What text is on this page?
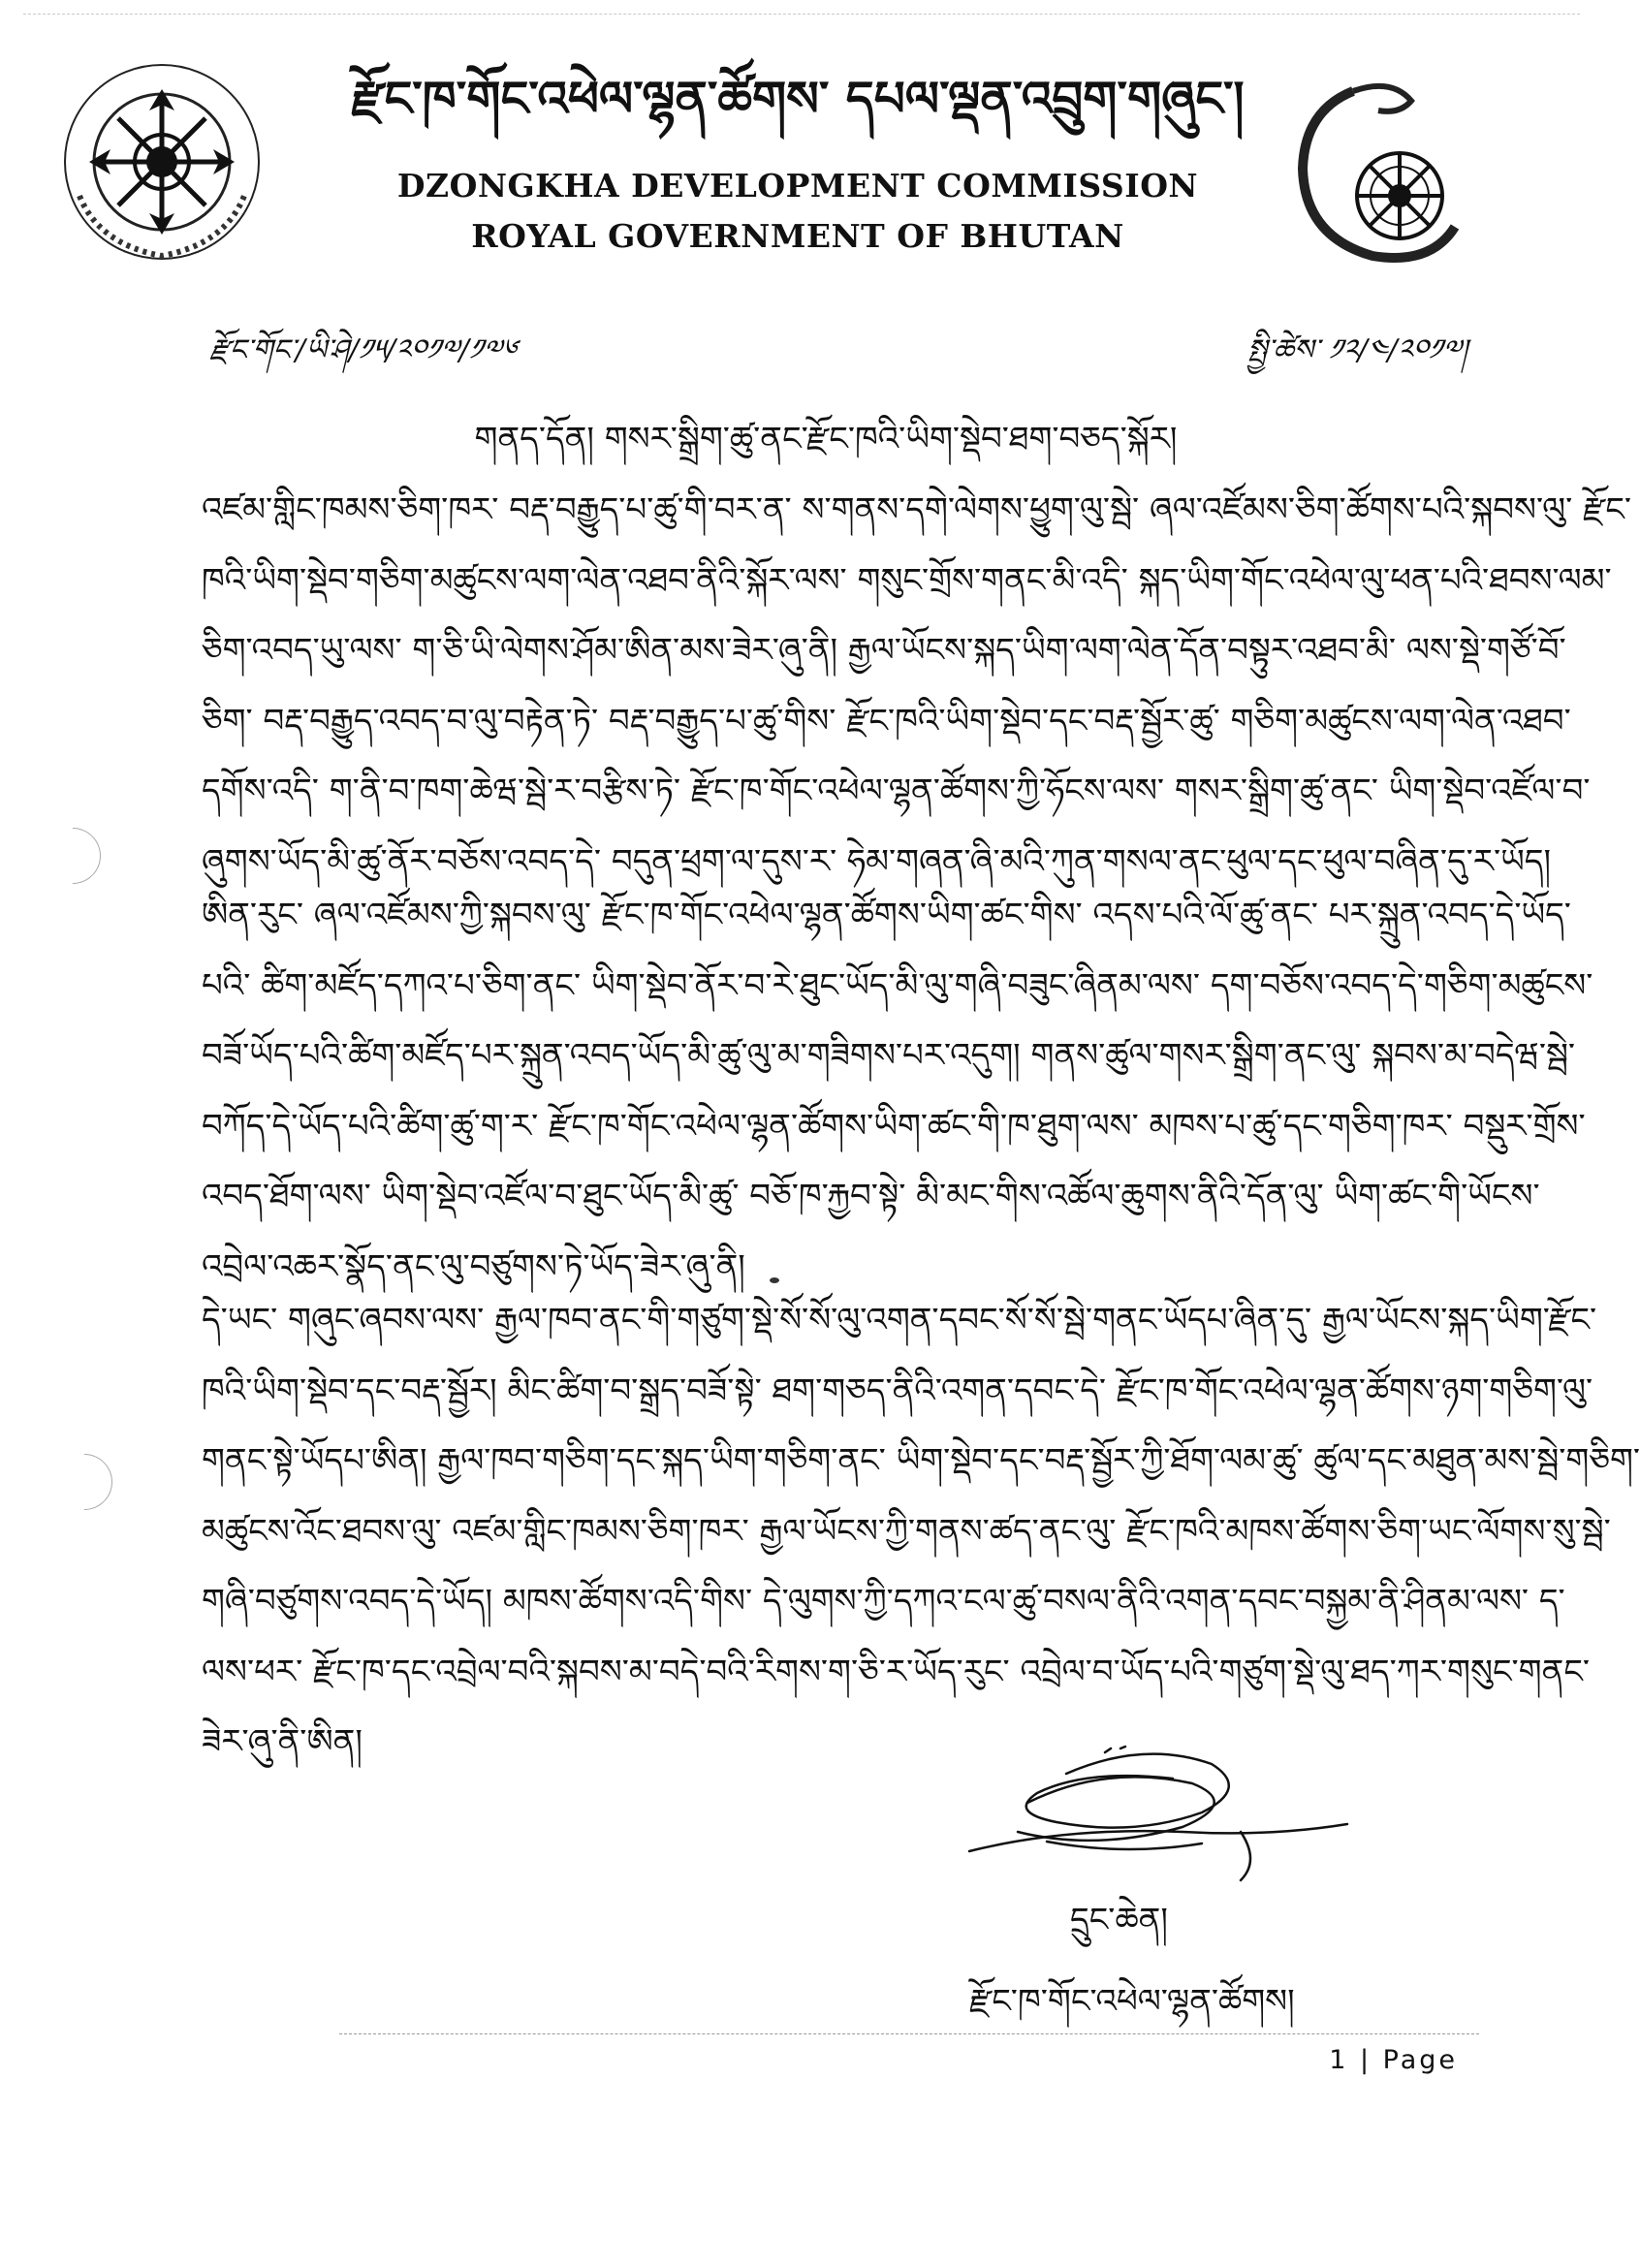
རྫོང་ཁ་གོང་འཕེལ་ལྷན་ཚོགས་ དཔལ་ལྡན་འབྲུག་གཞུང་།
DZONGKHA DEVELOPMENT COMMISSION
ROYAL GOVERNMENT OF BHUTAN
རྫོང་གོང་/ཡི་ཤེ/༡༥/༢༠༡༧/༡༧༦	སྤྱི་ཚེས་ ༡༢/༤/༢༠༡༧།
གནད་དོན། གསར་སྒྲིག་ཚུ་ནང་རྫོང་ཁའི་ཡིག་སྡེབ་ཐག་བཅད་སྐོར།
འཛམ་གླིང་ཁམས་ཅིག་ཁར་ བརྡ་བརྒྱུད་པ་ཚུ་གི་བར་ན་ ས་གནས་དགེ་ལེགས་ཕྱུག་ལུ་སྦེ་ ཞལ་འཛོམས་ཅིག་ཚོགས་པའི་སྐབས་ལུ་ རྫོང་
ཁའི་ཡིག་སྡེབ་གཅིག་མཚུངས་ལག་ལེན་འཐབ་ནིའི་སྐོར་ལས་ གསུང་གྲོས་གནང་མི་འདི་ སྐད་ཡིག་གོང་འཕེལ་ལུ་ཕན་པའི་ཐབས་ལམ་
ཅིག་འབད་ཡུ་ལས་ ག་ཅི་ཡི་ལེགས་ཤོམ་ཨིན་མས་ཟེར་ཞུ་ནི། རྒྱལ་ཡོངས་སྐད་ཡིག་ལག་ལེན་དོན་བསྟུར་འཐབ་མི་ ལས་སྡེ་གཙོ་བོ་
ཅིག་ བརྡ་བརྒྱུད་འབད་བ་ལུ་བརྟེན་ཏེ་ བརྡ་བརྒྱུད་པ་ཚུ་གིས་ རྫོང་ཁའི་ཡིག་སྡེབ་དང་བརྡ་སྦྱོར་ཚུ་ གཅིག་མཚུངས་ལག་ལེན་འཐབ་
དགོས་འདི་ ག་ནི་བ་ཁག་ཆེཝ་སྦེ་ར་བརྩིས་ཏེ་ རྫོང་ཁ་གོང་འཕེལ་ལྷན་ཚོགས་ཀྱི་ཧོངས་ལས་ གསར་སྒྲིག་ཚུ་ནང་ ཡིག་སྡེབ་འཛོལ་བ་
ཞུགས་ཡོད་མི་ཚུ་ནོར་བཅོས་འབད་དེ་ བདུན་ཕྲག་ལ་དུས་ར་ ཧེམ་གཞན་ཞི་མའི་ཀུན་གསལ་ནང་ཕུལ་དང་ཕུལ་བཞིན་དུ་ར་ཡོད།
ཨིན་རུང་ ཞལ་འཛོམས་ཀྱི་སྐབས་ལུ་ རྫོང་ཁ་གོང་འཕེལ་ལྷན་ཚོགས་ཡིག་ཚང་གིས་ འདས་པའི་ལོ་ཚུ་ནང་ པར་སྐྲུན་འབད་དེ་ཡོད་
པའི་ ཚིག་མཛོད་དཀའ་པ་ཅིག་ནང་ ཡིག་སྡེབ་ནོར་བ་རེ་ཐུང་ཡོད་མི་ལུ་གཞི་བཟུང་ཞིནམ་ལས་ དག་བཅོས་འབད་དེ་གཅིག་མཚུངས་
བཟོ་ཡོད་པའི་ཚིག་མཛོད་པར་སྐྲུན་འབད་ཡོད་མི་ཚུ་ལུ་མ་གཟིགས་པར་འདུག། གནས་ཚུལ་གསར་སྒྲིག་ནང་ལུ་ སྐབས་མ་བདེཝ་སྦེ་
བཀོད་དེ་ཡོད་པའི་ཚིག་ཚུ་ག་ར་ རྫོང་ཁ་གོང་འཕེལ་ལྷན་ཚོགས་ཡིག་ཚང་གི་ཁ་ཐུག་ལས་ མཁས་པ་ཚུ་དང་གཅིག་ཁར་ བསྡུར་གྲོས་
འབད་ཐོག་ལས་ ཡིག་སྡེབ་འཛོལ་བ་ཐུང་ཡོད་མི་ཚུ་ བཅོ་ཁ་རྐྱབ་སྟེ་ མི་མང་གིས་འཚོལ་ཆུགས་ནིའི་དོན་ལུ་ ཡིག་ཚང་གི་ཡོངས་
འབྲེལ་འཆར་སྣོད་ནང་ལུ་བཙུགས་ཏེ་ཡོད་ཟེར་ཞུ་ནི།
དེ་ཡང་ གཞུང་ཞབས་ལས་ རྒྱལ་ཁབ་ནང་གི་གཙུག་སྡེ་སོ་སོ་ལུ་འགན་དབང་སོ་སོ་སྦེ་གནང་ཡོདཔ་ཞིན་དུ་ རྒྱལ་ཡོངས་སྐད་ཡིག་རྫོང་
ཁའི་ཡིག་སྡེབ་དང་བརྡ་སྦྱོར། མིང་ཚིག་བ་སྒྲད་བཟོ་སྟེ་ ཐག་གཅད་ནིའི་འགན་དབང་དེ་ རྫོང་ཁ་གོང་འཕེལ་ལྷན་ཚོགས་ཉག་གཅིག་ལུ་
གནང་སྟེ་ཡོདཔ་ཨིན། རྒྱལ་ཁབ་གཅིག་དང་སྐད་ཡིག་གཅིག་ནང་ ཡིག་སྡེབ་དང་བརྡ་སྦྱོར་ཀྱི་ཐོག་ལམ་ཚུ་ ཚུལ་དང་མཐུན་མས་སྦེ་གཅིག་
མཚུངས་འོང་ཐབས་ལུ་ འཛམ་གླིང་ཁམས་ཅིག་ཁར་ རྒྱལ་ཡོངས་ཀྱི་གནས་ཚད་ནང་ལུ་ རྫོང་ཁའི་མཁས་ཚོགས་ཅིག་ཡང་ལོགས་སུ་སྦེ་
གཞི་བཙུགས་འབད་དེ་ཡོད། མཁས་ཚོགས་འདི་གིས་ དེ་ལུགས་ཀྱི་དཀའ་ངལ་ཚུ་བསལ་ནིའི་འགན་དབང་བསྐྱམ་ནི་ཤིནམ་ལས་ ད་
ལས་ཕར་ རྫོང་ཁ་དང་འབྲེལ་བའི་སྐབས་མ་བདེ་བའི་རིགས་ག་ཅི་ར་ཡོད་རུང་ འབྲེལ་བ་ཡོད་པའི་གཙུག་སྡེ་ལུ་ཐད་ཀར་གསུང་གནང་
ཟེར་ཞུ་ནི་ཨིན།
དྲུང་ཆེན།
རྫོང་ཁ་གོང་འཕེལ་ལྷན་ཚོགས།
1 | Page
